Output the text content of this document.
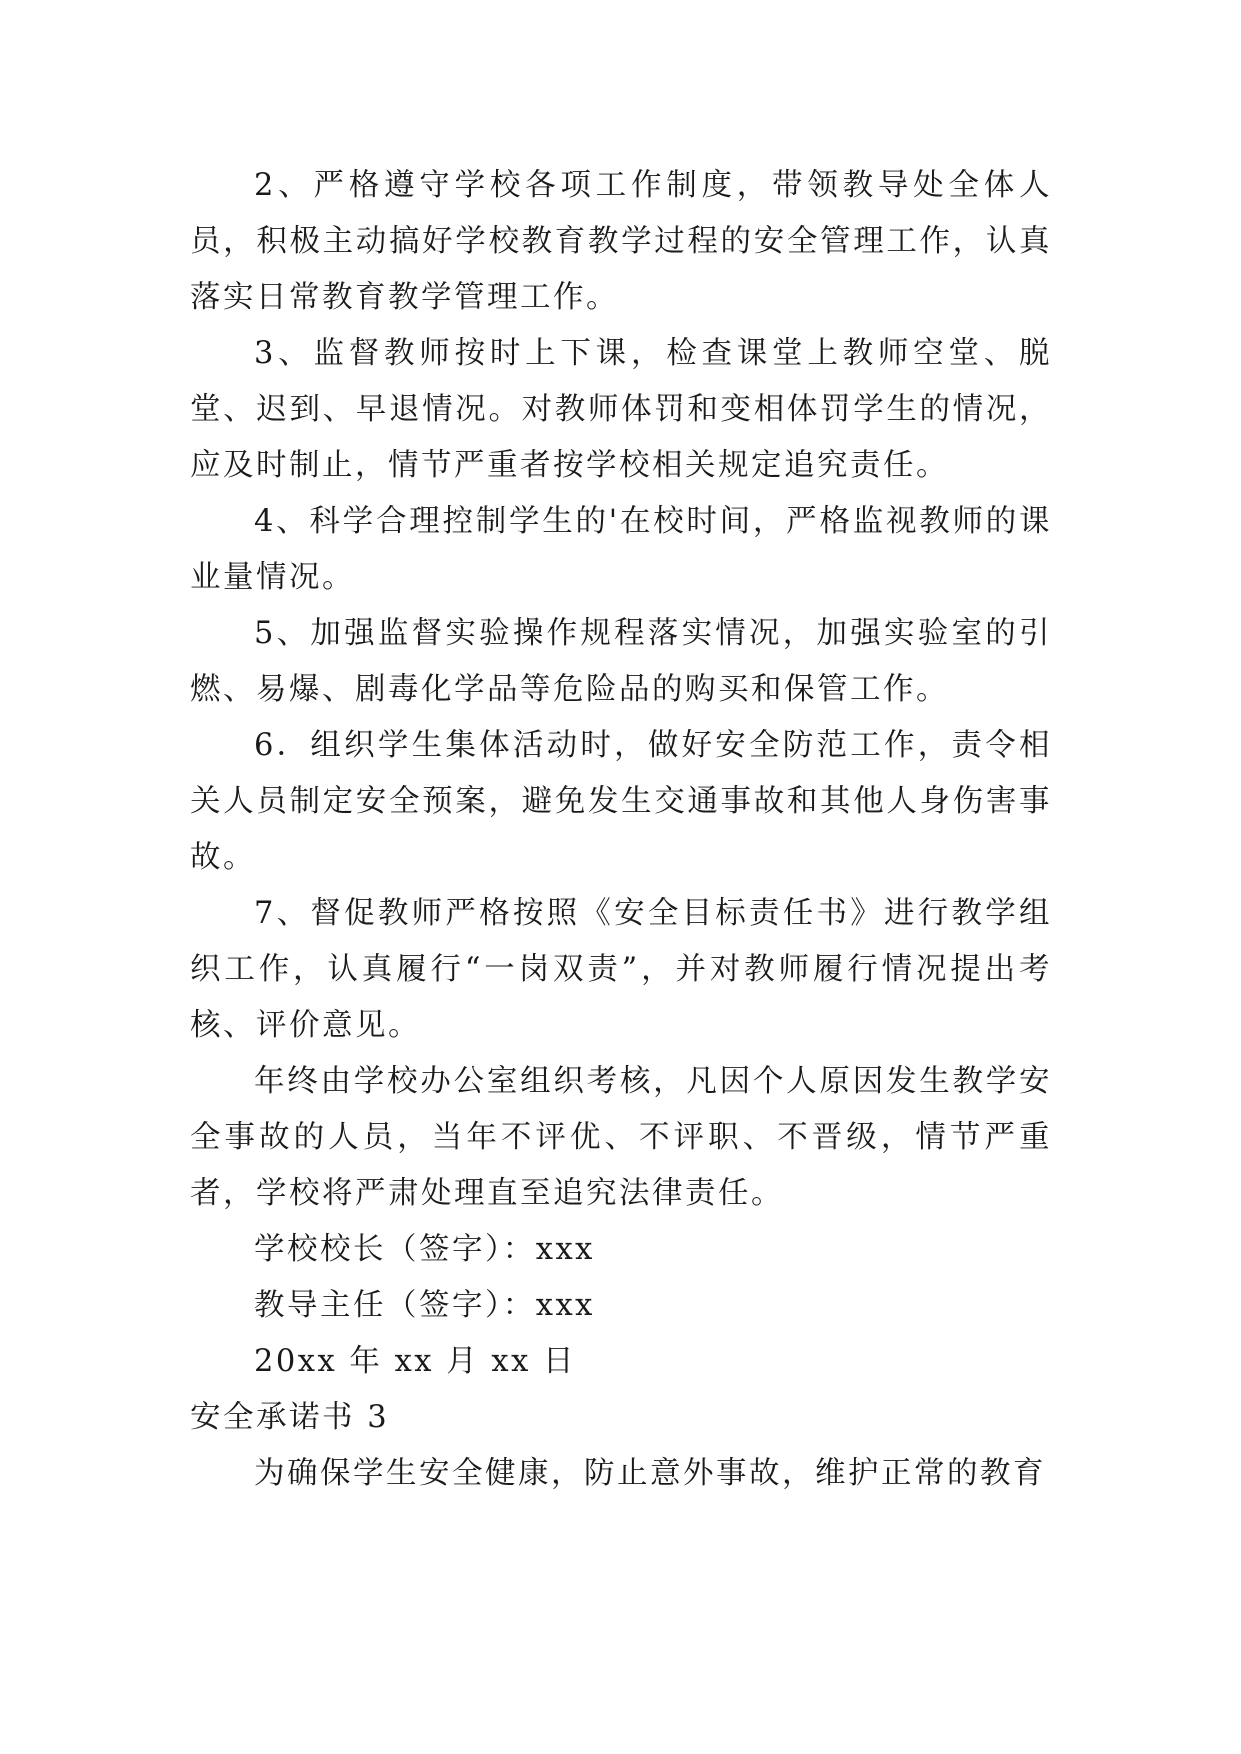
2、严格遵守学校各项工作制度，带领教导处全体人员，积极主动搞好学校教育教学过程的安全管理工作，认真落实日常教育教学管理工作。

3、监督教师按时上下课，检查课堂上教师空堂、脱堂、迟到、早退情况。对教师体罚和变相体罚学生的情况，应及时制止，情节严重者按学校相关规定追究责任。

4、科学合理控制学生的'在校时间，严格监视教师的课业量情况。

5、加强监督实验操作规程落实情况，加强实验室的引燃、易爆、剧毒化学品等危险品的购买和保管工作。

6．组织学生集体活动时，做好安全防范工作，责令相关人员制定安全预案，避免发生交通事故和其他人身伤害事故。

7、督促教师严格按照《安全目标责任书》进行教学组织工作，认真履行“一岗双责”，并对教师履行情况提出考核、评价意见。

年终由学校办公室组织考核，凡因个人原因发生教学安全事故的人员，当年不评优、不评职、不晋级，情节严重者，学校将严肃处理直至追究法律责任。

学校校长（签字）：xxx

教导主任（签字）：xxx

20xx 年 xx 月 xx 日

安全承诺书 3

为确保学生安全健康，防止意外事故，维护正常的教育
